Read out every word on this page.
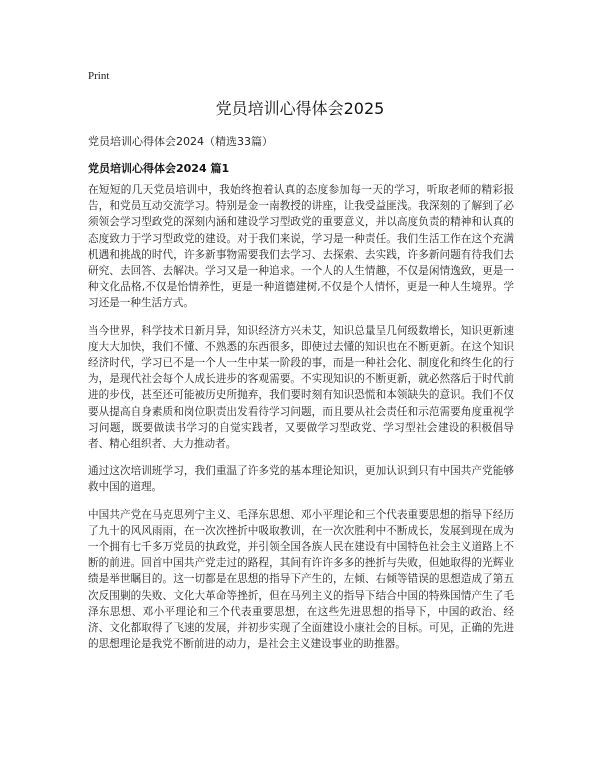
Print
党员培训心得体会2025
党员培训心得体会2024（精选33篇）
党员培训心得体会2024 篇1

在短短的几天党员培训中，我始终抱着认真的态度参加每一天的学习，听取老师的精彩报告，和党员互动交流学习。特别是金一南教授的讲座，让我受益匪浅。我深刻的了解到了必须领会学习型政党的深刻内涵和建设学习型政党的重要意义，并以高度负责的精神和认真的态度致力于学习型政党的建设。对于我们来说，学习是一种责任。我们生活工作在这个充满机遇和挑战的时代，许多新事物需要我们去学习、去探索、去实践，许多新问题有待我们去研究、去回答、去解决。学习又是一种追求。一个人的人生情趣，不仅是闲情逸致，更是一种文化品格,不仅是怡情养性，更是一种道德建树,不仅是个人情怀，更是一种人生境界。学习还是一种生活方式。

当今世界，科学技术日新月异，知识经济方兴未艾，知识总量呈几何级数增长，知识更新速度大大加快，我们不懂、不熟悉的东西很多，即使过去懂的知识也在不断更新。在这个知识经济时代，学习已不是一个人一生中某一阶段的事，而是一种社会化、制度化和终生化的行为，是现代社会每个人成长进步的客观需要。不实现知识的不断更新，就必然落后于时代前进的步伐，甚至还可能被历史所抛弃，我们要时刻有知识恐慌和本领缺失的意识。我们不仅要从提高自身素质和岗位职责出发看待学习问题，而且要从社会责任和示范需要角度重视学习问题，既要做读书学习的自觉实践者，又要做学习型政党、学习型社会建设的积极倡导者、精心组织者、大力推动者。

通过这次培训班学习，我们重温了许多党的基本理论知识，更加认识到只有中国共产党能够救中国的道理。

中国共产党在马克思列宁主义、毛泽东思想、邓小平理论和三个代表重要思想的指导下经历了九十的风风雨雨，在一次次挫折中吸取教训，在一次次胜利中不断成长，发展到现在成为一个拥有七千多万党员的执政党，并引领全国各族人民在建设有中国特色社会主义道路上不断的前进。回首中国共产党走过的路程，其间有许许多多的挫折与失败，但她取得的光辉业绩是举世瞩目的。这一切都是在思想的指导下产生的，左倾、右倾等错误的思想造成了第五次反围剿的失败、文化大革命等挫折，但在马列主义的指导下结合中国的特殊国情产生了毛泽东思想、邓小平理论和三个代表重要思想，在这些先进思想的指导下，中国的政治、经济、文化都取得了飞速的发展，并初步实现了全面建设小康社会的目标。可见，正确的先进的思想理论是我党不断前进的动力，是社会主义建设事业的助推器。
